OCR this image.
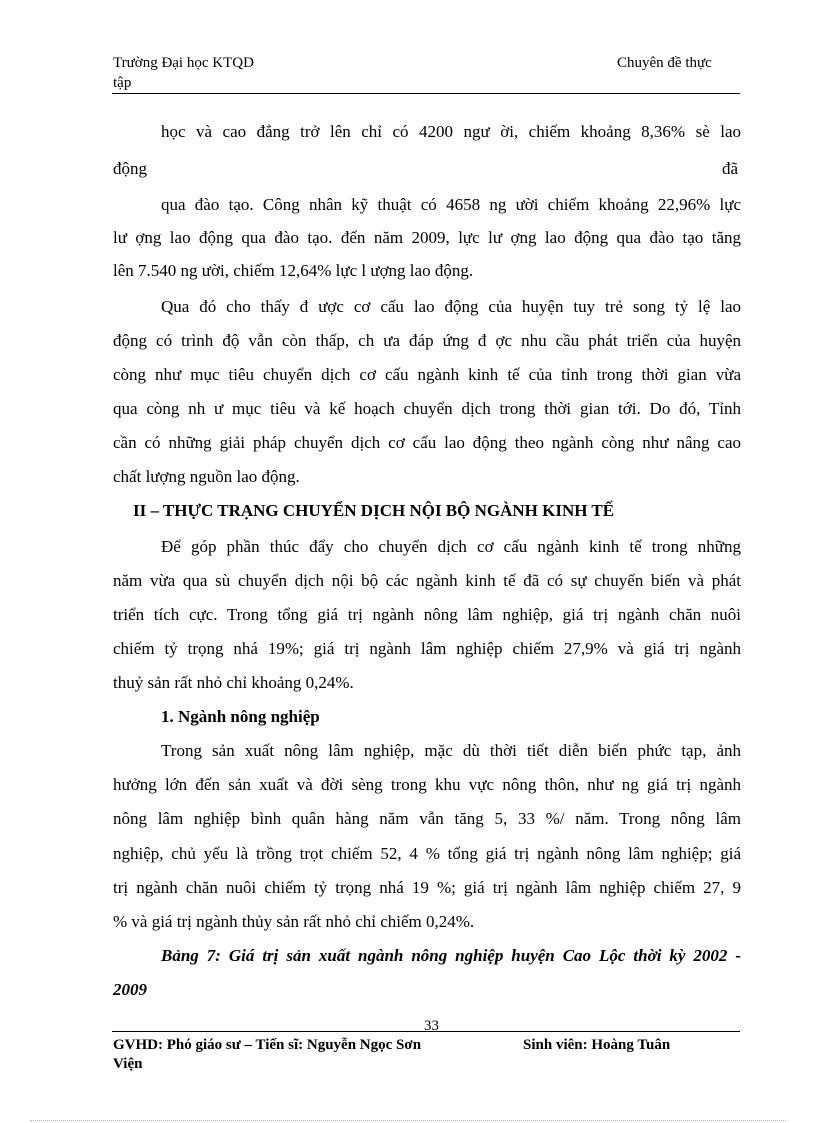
Trường Đại học KTQD	Chuyên đề thực
tập
học và cao đẳng trở lên chỉ có 4200 ngư ời, chiếm khoảng 8,36% sè lao
động	đã
qua đào tạo. Công nhân kỹ thuật có 4658 ng ười chiếm khoảng 22,96% lực
lư ợng lao động qua đào tạo. đến năm 2009, lực lư ợng lao động qua đào tạo tăng
lên 7.540 ng ười, chiếm 12,64% lực l ượng lao động.
Qua đó cho thấy đ ược cơ cấu lao động của huyện tuy trẻ song tỷ lệ lao
động có trình độ vẫn còn thấp, ch ưa đáp ứng đ ợc nhu cầu phát triển của huyện
còng như mục tiêu chuyển dịch cơ cấu ngành kinh tế của tỉnh trong thời gian vừa
qua còng nh ư mục tiêu và kế hoạch chuyển dịch trong thời gian tới. Do đó, Tỉnh
cần có những giải pháp chuyển dịch cơ cấu lao động theo ngành còng như nâng cao
chất lượng nguồn lao động.
II – THỰC TRẠNG CHUYỂN DỊCH NỘI BỘ NGÀNH KINH TẾ
Để góp phần thúc đẩy cho chuyển dịch cơ cấu ngành kinh tế trong những
năm vừa qua sù chuyển dịch nội bộ các ngành kinh tế đã có sự chuyển biến và phát
triển tích cực. Trong tổng giá trị ngành nông lâm nghiệp, giá trị ngành chăn nuôi
chiếm tỷ trọng nhá 19%; giá trị ngành lâm nghiệp chiếm 27,9% và giá trị ngành
thuỷ sản rất nhỏ chỉ khoảng 0,24%.
1. Ngành nông nghiệp
Trong sản xuất nông lâm nghiệp, mặc dù thời tiết diễn biến phức tạp, ảnh
hưởng lớn đến sản xuất và đời sèng trong khu vực nông thôn, như ng giá trị ngành
nông lâm nghiệp bình quân hàng năm vẫn tăng 5, 33 %/ năm. Trong nông lâm
nghiệp, chủ yếu là trồng trọt chiếm 52, 4 % tổng giá trị ngành nông lâm nghiệp; giá
trị ngành chăn nuôi chiếm tỷ trọng nhá 19 %; giá trị ngành lâm nghiệp chiếm 27, 9
% và giá trị ngành thủy sản rất nhỏ chỉ chiếm 0,24%.
Bảng 7: Giá trị sản xuất ngành nông nghiệp huyện Cao Lộc thời kỳ 2002 -
2009
33
GVHD: Phó giáo sư – Tiến sĩ: Nguyễn Ngọc Sơn	Sinh viên: Hoàng Tuân
Viện
